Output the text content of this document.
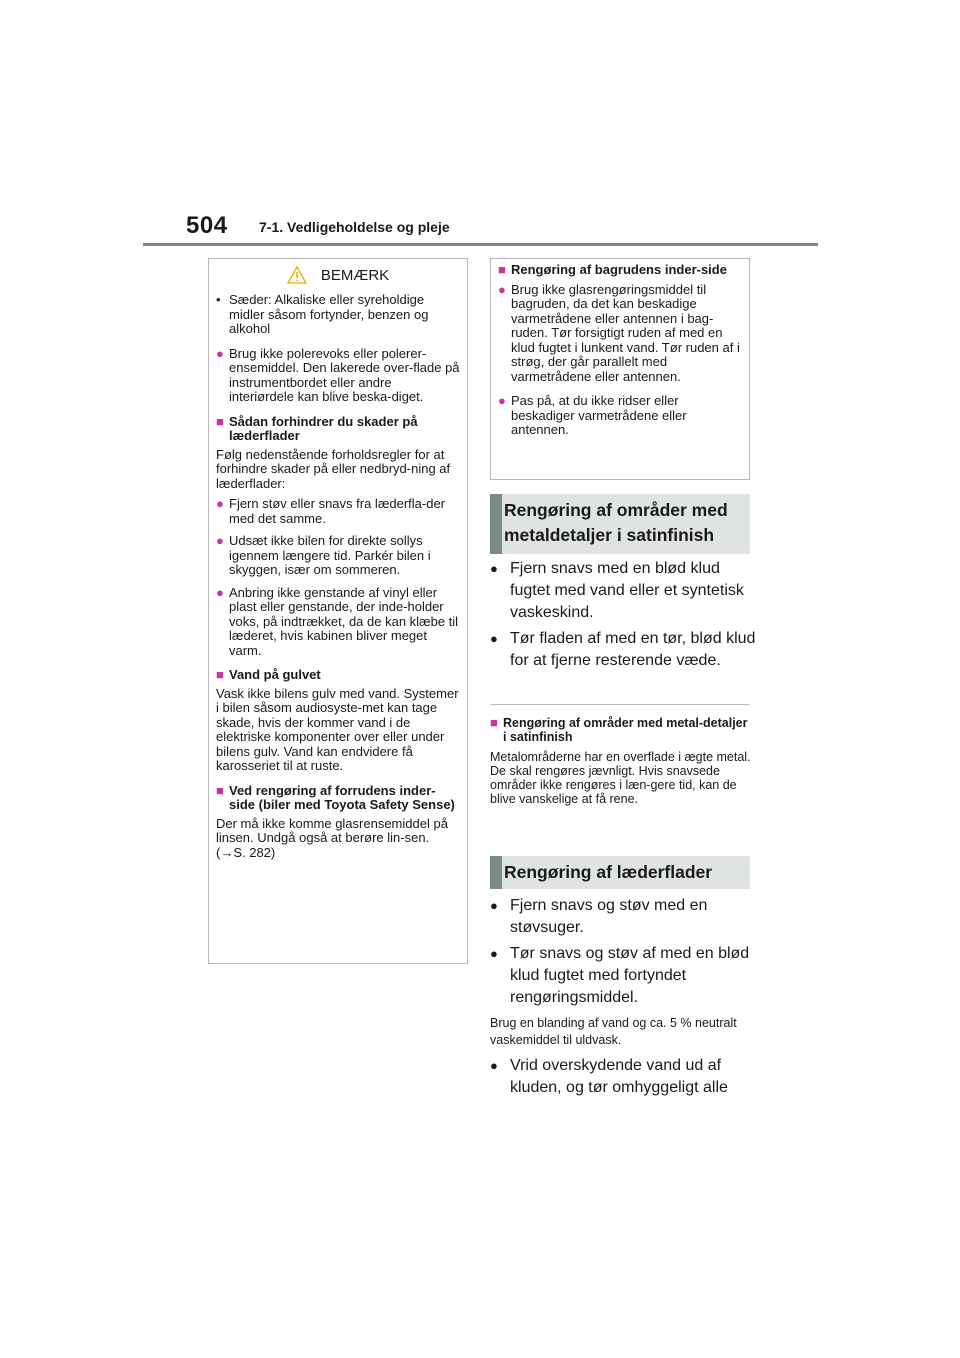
504 7-1. Vedligeholdelse og pleje
BEMÆRK
• Sæder: Alkaliske eller syreholdige midler såsom fortynder, benzen og alkohol
● Brug ikke polerevoks eller polerer-ensemiddel. Den lakerede over-flade på instrumentbordet eller andre interiørdele kan blive beska-diget.
■ Sådan forhindrer du skader på læderflader

Følg nedenstående forholdsregler for at forhindre skader på eller nedbryd-ning af læderflader:

● Fjern støv eller snavs fra læderfla-der med det samme.
● Udsæt ikke bilen for direkte sollys igennem længere tid. Parkér bilen i skyggen, især om sommeren.
● Anbring ikke genstande af vinyl eller plast eller genstande, der inde-holder voks, på indtrækket, da de kan klæbe til læderet, hvis kabinen bliver meget varm.
■ Vand på gulvet

Vask ikke bilens gulv med vand. Systemer i bilen såsom audiosyste-met kan tage skade, hvis der kommer vand i de elektriske komponenter over eller under bilens gulv. Vand kan endvidere få karosseriet til at ruste.

■ Ved rengøring af forrudens inder-side (biler med Toyota Safety Sense)

Der må ikke komme glasrensemiddel på linsen. Undgå også at berøre lin-sen. (→S. 282)

■ Rengøring af bagrudens inder-side
● Brug ikke glasrengøringsmiddel til bagruden, da det kan beskadige varmetrådene eller antennen i bag-ruden. Tør forsigtigt ruden af med en klud fugtet i lunkent vand. Tør ruden af i strøg, der går parallelt med varmetrådene eller antennen.
● Pas på, at du ikke ridser eller beskadiger varmetrådene eller antennen.
Rengøring af områder med metaldetaljer i satinfinish
● Fjern snavs med en blød klud fugtet med vand eller et syntetisk vaskeskind.
● Tør fladen af med en tør, blød klud for at fjerne resterende væde.
■ Rengøring af områder med metal-detaljer i satinfinish

Metalområderne har en overflade i ægte metal. De skal rengøres jævnligt. Hvis snavsede områder ikke rengøres i læn-gere tid, kan de blive vanskelige at få rene.

Rengøring af læderflader
● Fjern snavs og støv med en støvsuger.
● Tør snavs og støv af med en blød klud fugtet med fortyndet rengøringsmiddel.
Brug en blanding af vand og ca. 5 % neutralt vaskemiddel til uldvask.
● Vrid overskydende vand ud af kluden, og tør omhyggeligt alle
